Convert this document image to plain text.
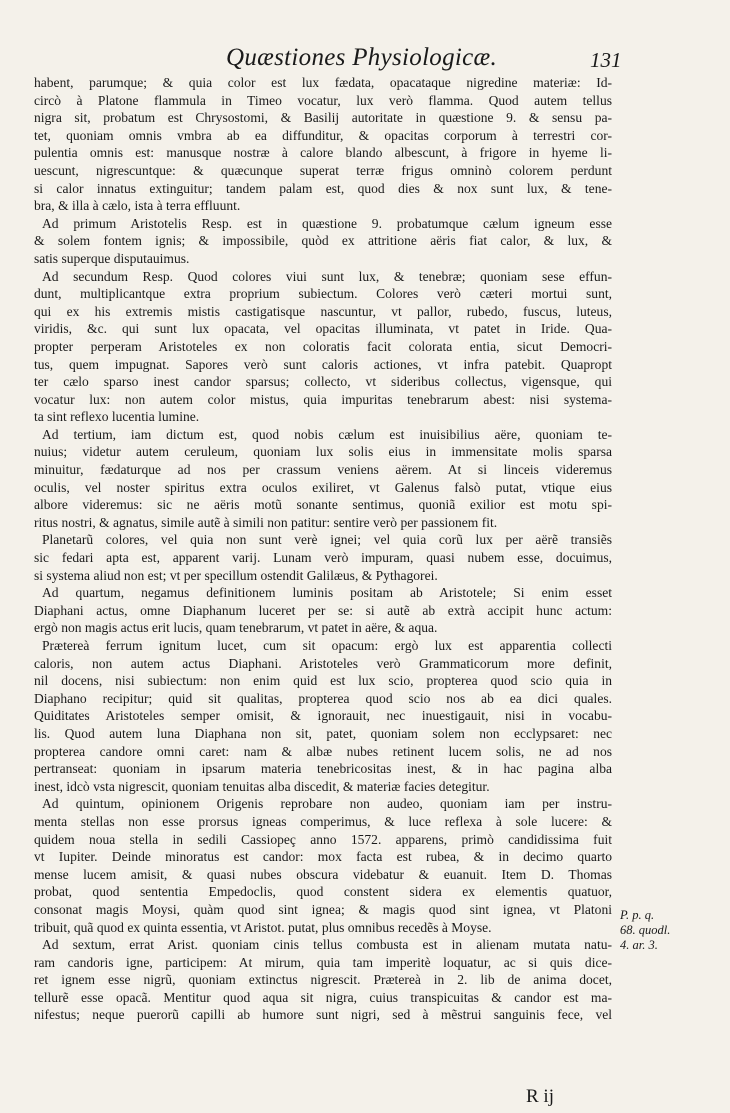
Quæstiones Physiologicæ.	131
habent, parumque; & quia color est lux fædata, opacataque nigredine materiæ: Id-
circò à Platone flammula in Timeo vocatur, lux verò flamma. Quod autem tellus
nigra sit, probatum est Chrysostomi, & Basilij autoritate in quæstione 9. & sensu pa-
tet, quoniam omnis vmbra ab ea diffunditur, & opacitas corporum à terrestri cor-
pulentia omnis est: manusque nostræ à calore blando albescunt, à frigore in hyeme li-
uescunt, nigrescuntque: & quæcunque superat terræ frigus omninò colorem perdunt
si calor innatus extinguitur; tandem palam est, quod dies & nox sunt lux, & tene-
bra, & illa à cælo, ista à terra effluunt.
Ad primum Aristotelis Resp. est in quæstione 9. probatumque cælum igneum esse
& solem fontem ignis; & impossibile, quòd ex attritione aëris fiat calor, & lux, &
satis superque disputauimus.
Ad secundum Resp. Quod colores viui sunt lux, & tenebræ; quoniam sese effun-
dunt, multiplicantque extra proprium subiectum. Colores verò cæteri mortui sunt,
qui ex his extremis mistis castigatisque nascuntur, vt pallor, rubedo, fuscus, luteus,
viridis, &c. qui sunt lux opacata, vel opacitas illuminata, vt patet in Iride. Qua-
propter perperam Aristoteles ex non coloratis facit colorata entia, sicut Democri-
tus, quem impugnat. Sapores verò sunt caloris actiones, vt infra patebit. Quapropt
ter cælo sparso inest candor sparsus; collecto, vt sideribus collectus, vigensque, qui
vocatur lux: non autem color mistus, quia impuritas tenebrarum abest: nisi systema-
ta sint reflexo lucentia lumine.
Ad tertium, iam dictum est, quod nobis cælum est inuisibilius aëre, quoniam te-
nuius; videtur autem ceruleum, quoniam lux solis eius in immensitate molis sparsa
minuitur, fædaturque ad nos per crassum veniens aërem. At si linceis videremus
oculis, vel noster spiritus extra oculos exiliret, vt Galenus falsò putat, vtique eius
albore videremus: sic ne aëris motũ sonante sentimus, quoniã exilior est motu spi-
ritus nostri, & agnatus, simile autẽ à simili non patitur: sentire verò per passionem fit.
Planetarũ colores, vel quia non sunt verè ignei; vel quia corũ lux per aërẽ transiẽs
sic fedari apta est, apparent varij. Lunam verò impuram, quasi nubem esse, docuimus,
si systema aliud non est; vt per specillum ostendit Galilæus, & Pythagorei.
Ad quartum, negamus definitionem luminis positam ab Aristotele; Si enim esset
Diaphani actus, omne Diaphanum luceret per se: si autẽ ab extrà accipit hunc actum:
ergò non magis actus erit lucis, quam tenebrarum, vt patet in aëre, & aqua.
Prætereà ferrum ignitum lucet, cum sit opacum: ergò lux est apparentia collecti
caloris, non autem actus Diaphani. Aristoteles verò Grammaticorum more definit,
nil docens, nisi subiectum: non enim quid est lux scio, propterea quod scio quia in
Diaphano recipitur; quid sit qualitas, propterea quod scio nos ab ea dici quales.
Quiditates Aristoteles semper omisit, & ignorauit, nec inuestigauit, nisi in vocabu-
lis. Quod autem luna Diaphana non sit, patet, quoniam solem non ecclypsaret: nec
propterea candore omni caret: nam & albæ nubes retinent lucem solis, ne ad nos
pertranseat: quoniam in ipsarum materia tenebricositas inest, & in hac pagina alba
inest, idcò vsta nigrescit, quoniam tenuitas alba discedit, & materiæ facies detegitur.
Ad quintum, opinionem Origenis reprobare non audeo, quoniam iam per instru-
menta stellas non esse prorsus igneas comperimus, & luce reflexa à sole lucere: &
quidem noua stella in sedili Cassiopeç anno 1572. apparens, primò candidissima fuit
vt Iupiter. Deinde minoratus est candor: mox facta est rubea, & in decimo quarto
mense lucem amisit, & quasi nubes obscura videbatur & euanuit. Item D. Thomas
probat, quod sententia Empedoclis, quod constent sidera ex elementis quatuor,
consonat magis Moysi, quàm quod sint ignea; & magis quod sint ignea, vt Platoni
tribuit, quã quod ex quinta essentia, vt Aristot. putat, plus omnibus recedẽs à Moyse.
Ad sextum, errat Arist. quoniam cinis tellus combusta est in alienam mutata natu-
ram candoris igne, participem: At mirum, quia tam imperitè loquatur, ac si quis dice-
ret ignem esse nigrũ, quoniam extinctus nigrescit. Prætereà in 2. lib de anima docet,
tellurẽ esse opacã. Mentitur quod aqua sit nigra, cuius transpicuitas & candor est ma-
nifestus; neque puerorũ capilli ab humore sunt nigri, sed à mẽstrui sanguinis fece, vel
P. p. q.
68. quodl.
4. ar. 3.
R ij
